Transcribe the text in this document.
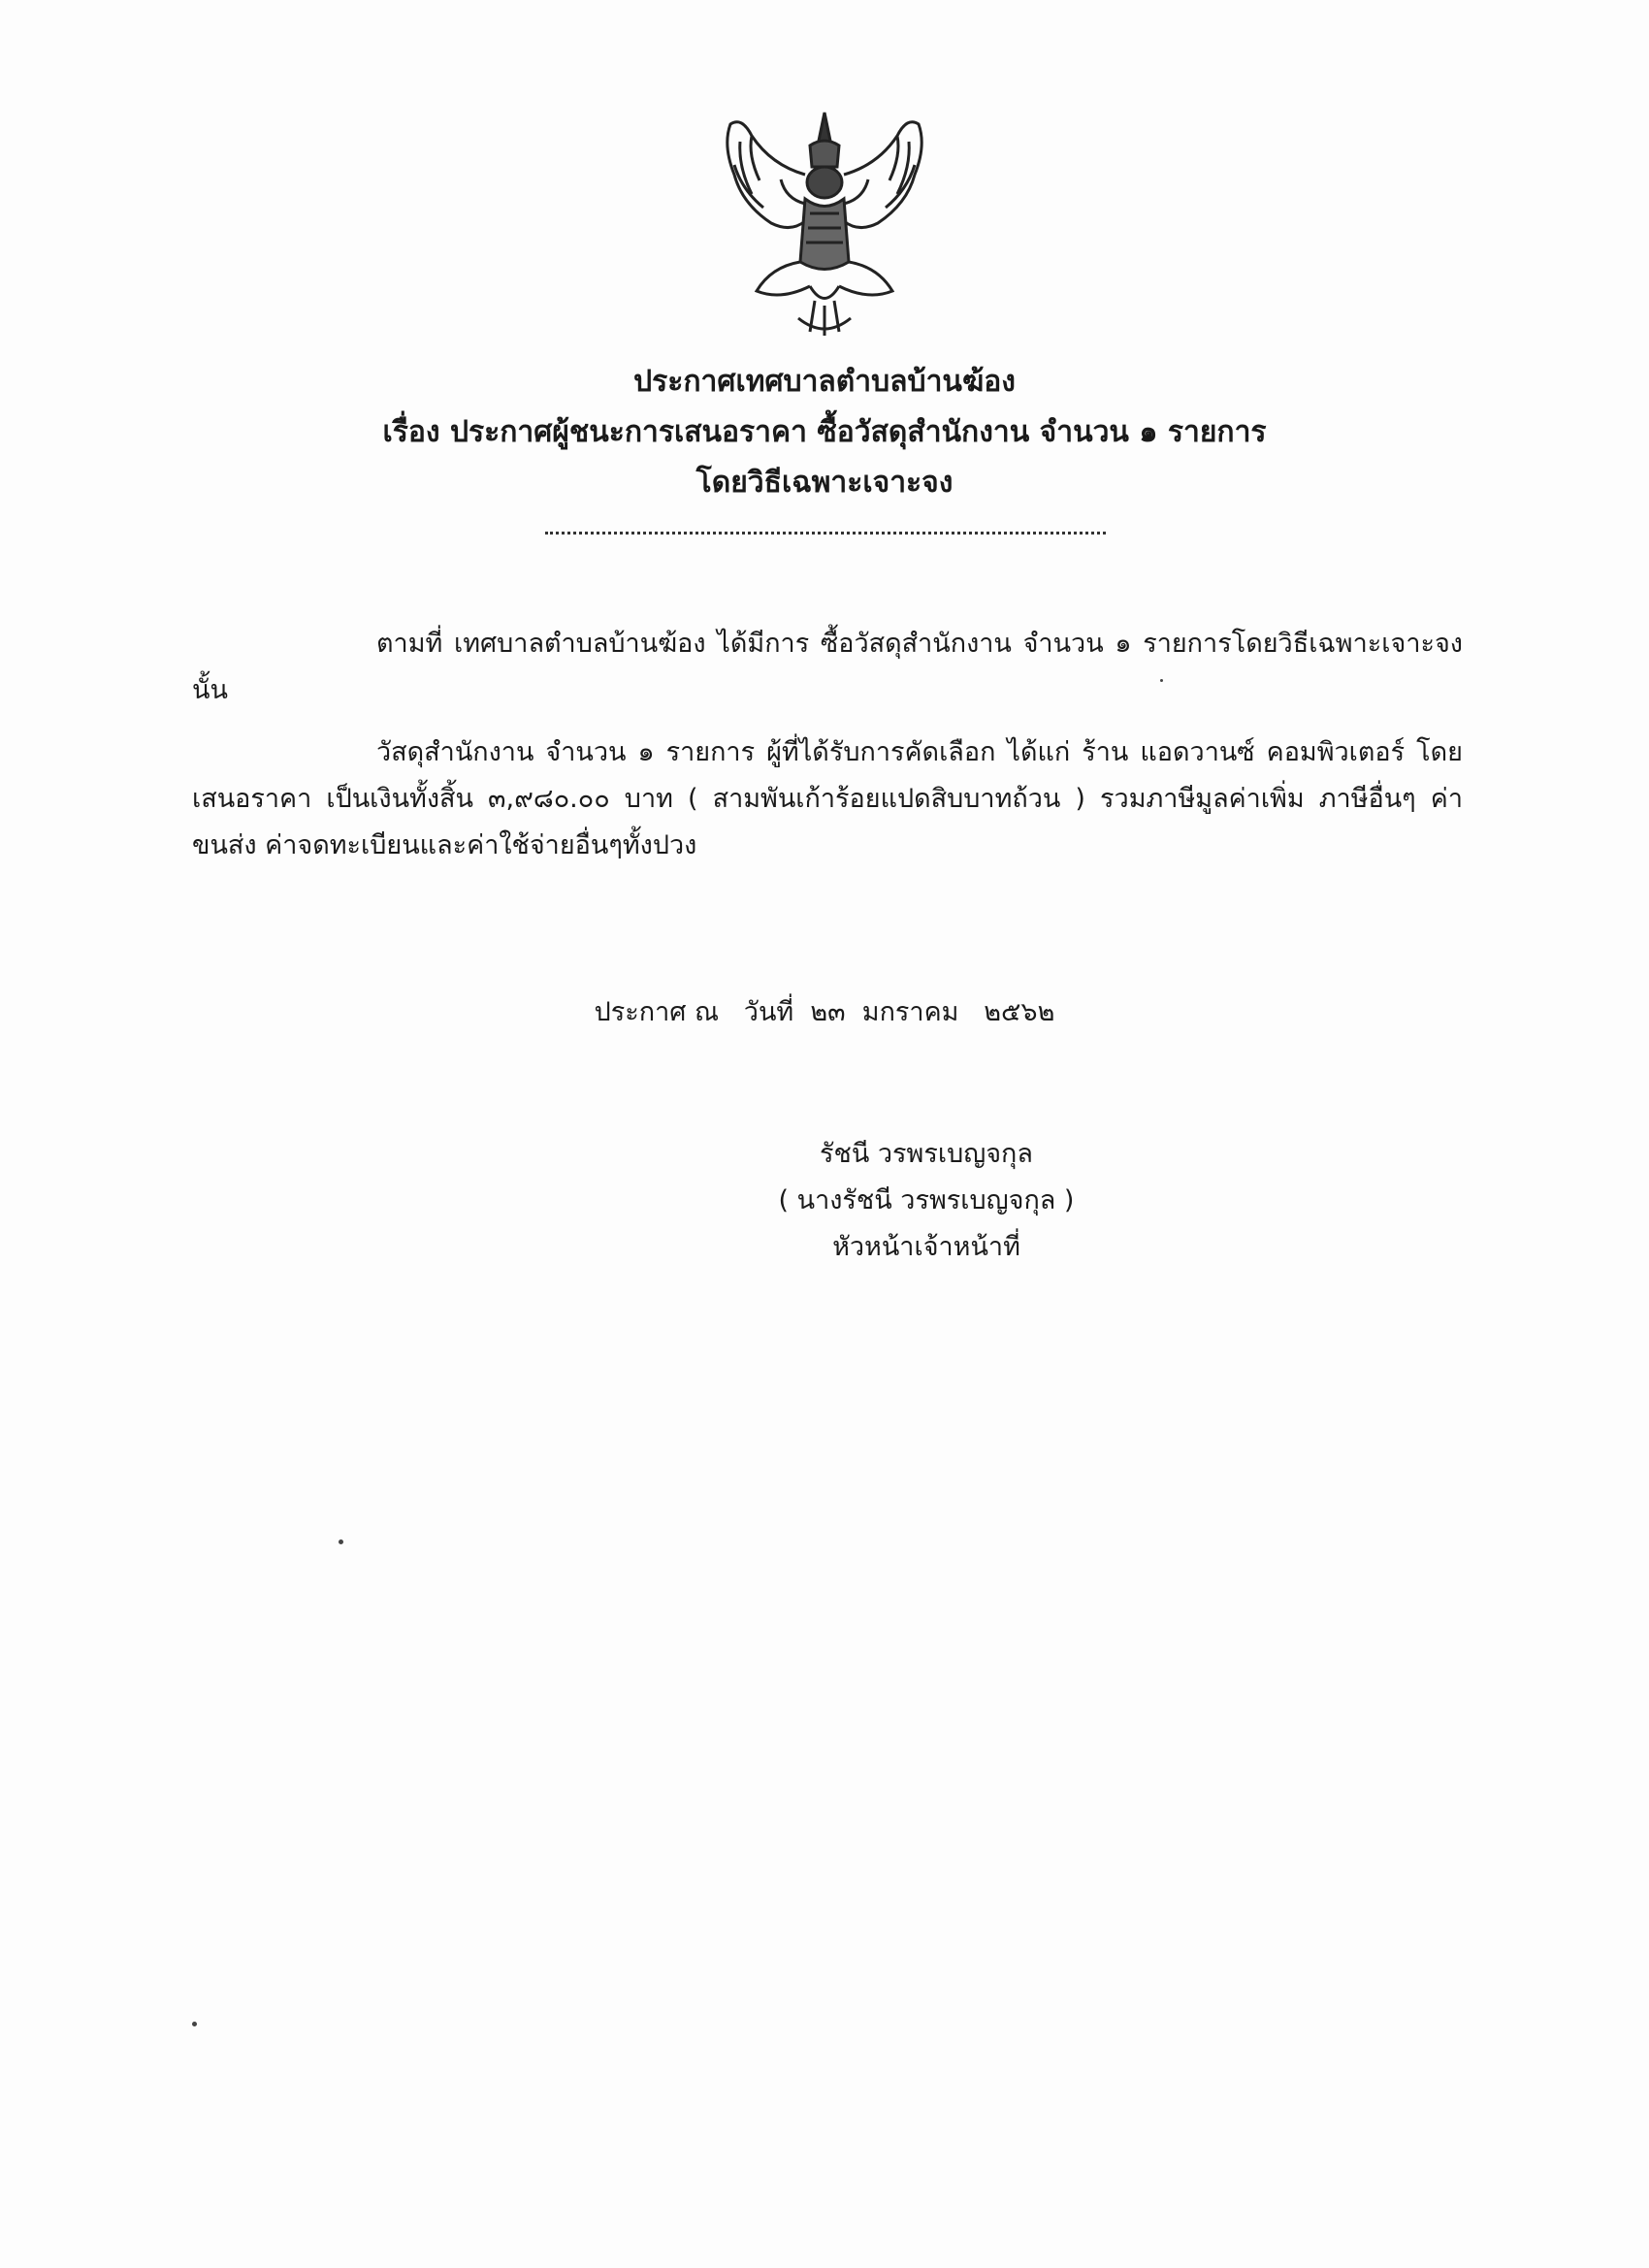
ประกาศเทศบาลตำบลบ้านฆ้อง
เรื่อง ประกาศผู้ชนะการเสนอราคา ซื้อวัสดุสำนักงาน จำนวน ๑ รายการ
โดยวิธีเฉพาะเจาะจง
ตามที่ เทศบาลตำบลบ้านฆ้อง ได้มีการ ซื้อวัสดุสำนักงาน จำนวน ๑ รายการโดยวิธีเฉพาะเจาะจง นั้น
วัสดุสำนักงาน จำนวน ๑ รายการ ผู้ที่ได้รับการคัดเลือก ได้แก่ ร้าน แอดวานซ์ คอมพิวเตอร์ โดยเสนอราคา เป็นเงินทั้งสิ้น ๓,๙๘๐.๐๐ บาท ( สามพันเก้าร้อยแปดสิบบาทถ้วน ) รวมภาษีมูลค่าเพิ่ม ภาษีอื่นๆ ค่าขนส่ง ค่าจดทะเบียนและค่าใช้จ่ายอื่นๆทั้งปวง
ประกาศ ณ   วันที่  ๒๓  มกราคม   ๒๕๖๒
รัชนี วรพรเบญจกุล
( นางรัชนี วรพรเบญจกุล )
หัวหน้าเจ้าหน้าที่
